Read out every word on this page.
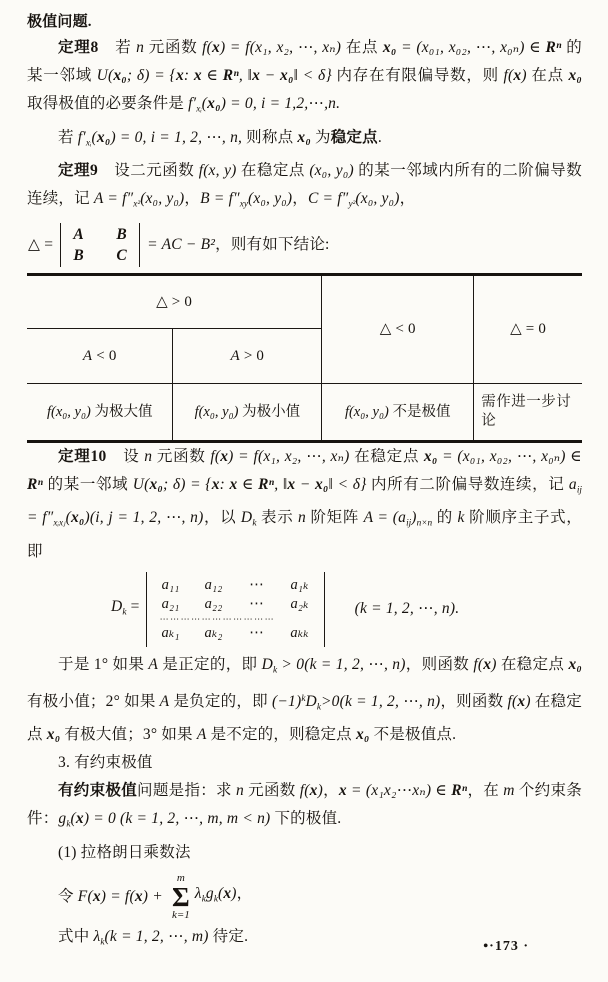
极值问题.

定理8　若 n 元函数 f(x) = f(x₁, x₂, ⋯, xₙ) 在点 x₀ = (x₀₁, x₀₂, ⋯, x₀ₙ) ∈ Rⁿ 的某一邻域 U(x₀; δ) = {x: x ∈ Rⁿ, ‖x − x₀‖ < δ} 内存在有限偏导数，则 f(x) 在点 x₀ 取得极值的必要条件是 $f'_{xᵢ}(x_0) = 0$, i = 1,2,⋯,n.

若 $f'_{xᵢ}(x_0) = 0$, i = 1, 2, ⋯, n, 则称点 x₀ 为稳定点.

定理9　设二元函数 f(x, y) 在稳定点 (x₀, y₀) 的某一邻域内所有的二阶偏导数连续，记 $A = f''_{x^2}(x_0$, y₀)，$B = f''_{xy}(x_0$, y₀)，$C = f''_{y^2}(x_0$, y₀)，

△ =
A B
B C
= AC − B²，则有如下结论:
△ > 0		△ < 0	△ = 0
A < 0	A > 0		
f(x₀, y₀) 为极大值	f(x₀, y₀) 为极小值	f(x₀, y₀) 不是极值	需作进一步讨论

定理10　设 n 元函数 f(x) = f(x₁, x₂, ⋯, xₙ) 在稳定点 x₀ = (x₀₁, x₀₂, ⋯, x₀ₙ) ∈ Rⁿ 的某一邻域 U(x₀; δ) = {x: x ∈ Rⁿ, ‖x − x₀‖ < δ} 内所有二阶偏导数连续，记 $a_{ij} = f''_{xᵢxⱼ}(x_0)(i$, j = 1, 2, ⋯, n)，以 $D_k$ 表示 n 阶矩阵 $A = (a_{ij})_{n\times n}$ 的 k 阶顺序主子式，即

$D_k$ =
a₁₁ a₁₂ ⋯ a₁ₖ
a₂₁ a₂₂ ⋯ a₂ₖ
⋯⋯⋯⋯⋯⋯⋯⋯⋯⋯⋯
aₖ₁ aₖ₂ ⋯ aₖₖ
(k = 1, 2, ⋯, n).

于是 1° 如果 A 是正定的，即 $D_k > 0(k = 1$, 2, ⋯, n)，则函数 f(x) 在稳定点 x₀ 有极小值；2° 如果 A 是负定的，即 $(-1)^kD_k>0(k = 1$, 2, ⋯, n)，则函数 f(x) 在稳定点 x₀ 有极大值；3° 如果 A 是不定的，则稳定点 x₀ 不是极值点.

3. 有约束极值

有约束极值问题是指：求 n 元函数 f(x)，x = (x₁x₂⋯xₙ) ∈ Rⁿ，在 m 个约束条件：$g_k(x) = 0$ (k = 1, 2, ⋯, m, m < n) 下的极值.

(1) 拉格朗日乘数法

令 F(x) = f(x) +
m
Σ
k=1
$\lambda_kg_k(x)$，

式中 $\lambda_k(k = 1$, 2, ⋯, m) 待定.

•·173 ·
